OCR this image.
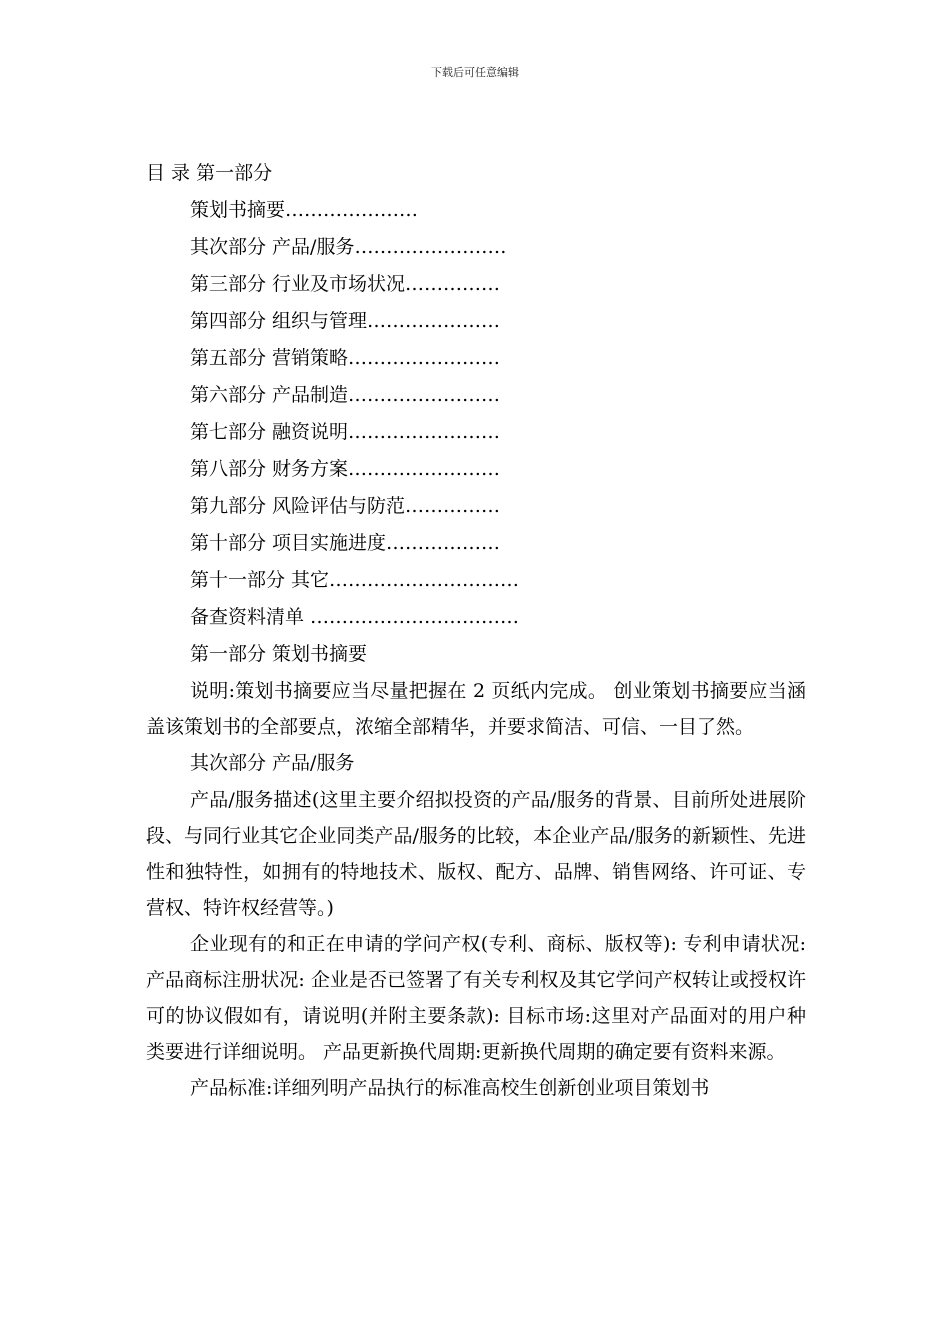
下载后可任意编辑
目 录 第一部分
策划书摘要…………………
其次部分 产品/服务……………………
第三部分 行业及市场状况……………
第四部分 组织与管理…………………
第五部分 营销策略……………………
第六部分 产品制造……………………
第七部分 融资说明……………………
第八部分 财务方案……………………
第九部分 风险评估与防范……………
第十部分 项目实施进度………………
第十一部分 其它…………………………
备查资料清单 ……………………………
第一部分 策划书摘要

说明:策划书摘要应当尽量把握在 2 页纸内完成。 创业策划书摘要应当涵盖该策划书的全部要点，浓缩全部精华，并要求简洁、可信、一目了然。

其次部分 产品/服务

产品/服务描述(这里主要介绍拟投资的产品/服务的背景、目前所处进展阶段、与同行业其它企业同类产品/服务的比较，本企业产品/服务的新颖性、先进性和独特性，如拥有的特地技术、版权、配方、品牌、销售网络、许可证、专营权、特许权经营等。)

企业现有的和正在申请的学问产权(专利、商标、版权等): 专利申请状况: 产品商标注册状况: 企业是否已签署了有关专利权及其它学问产权转让或授权许可的协议假如有，请说明(并附主要条款): 目标市场:这里对产品面对的用户种类要进行详细说明。 产品更新换代周期:更新换代周期的确定要有资料来源。

产品标准:详细列明产品执行的标准高校生创新创业项目策划书
